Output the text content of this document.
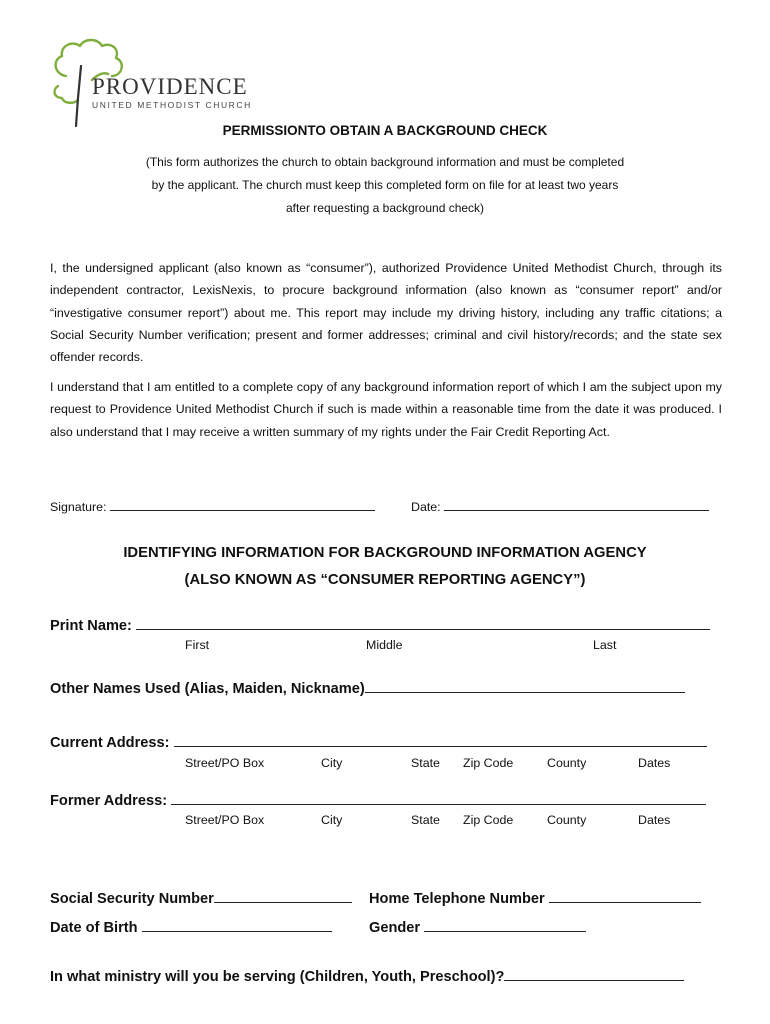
PROVIDENCE
UNITED METHODIST CHURCH
PERMISSIONTO OBTAIN A BACKGROUND CHECK
(This form authorizes the church to obtain background information and must be completed
by the applicant. The church must keep this completed form on file for at least two years
after requesting a background check)
I, the undersigned applicant (also known as “consumer”), authorized Providence United Methodist Church, through its independent contractor, LexisNexis, to procure background information (also known as “consumer report” and/or “investigative consumer report”) about me. This report may include my driving history, including any traffic citations; a Social Security Number verification; present and former addresses; criminal and civil history/records; and the state sex offender records.
I understand that I am entitled to a complete copy of any background information report of which I am the subject upon my request to Providence United Methodist Church if such is made within a reasonable time from the date it was produced. I also understand that I may receive a written summary of my rights under the Fair Credit Reporting Act.
Signature:	Date:
IDENTIFYING INFORMATION FOR BACKGROUND INFORMATION AGENCY
(ALSO KNOWN AS “CONSUMER REPORTING AGENCY”)
Print Name:
First	Middle	Last
Other Names Used (Alias, Maiden, Nickname)
Current Address:
Street/PO Box	City	State Zip Code	County	Dates
Former Address:
Street/PO Box	City	State Zip Code	County	Dates
Social Security Number	Home Telephone Number
Date of Birth	Gender
In what ministry will you be serving (Children, Youth, Preschool)?
